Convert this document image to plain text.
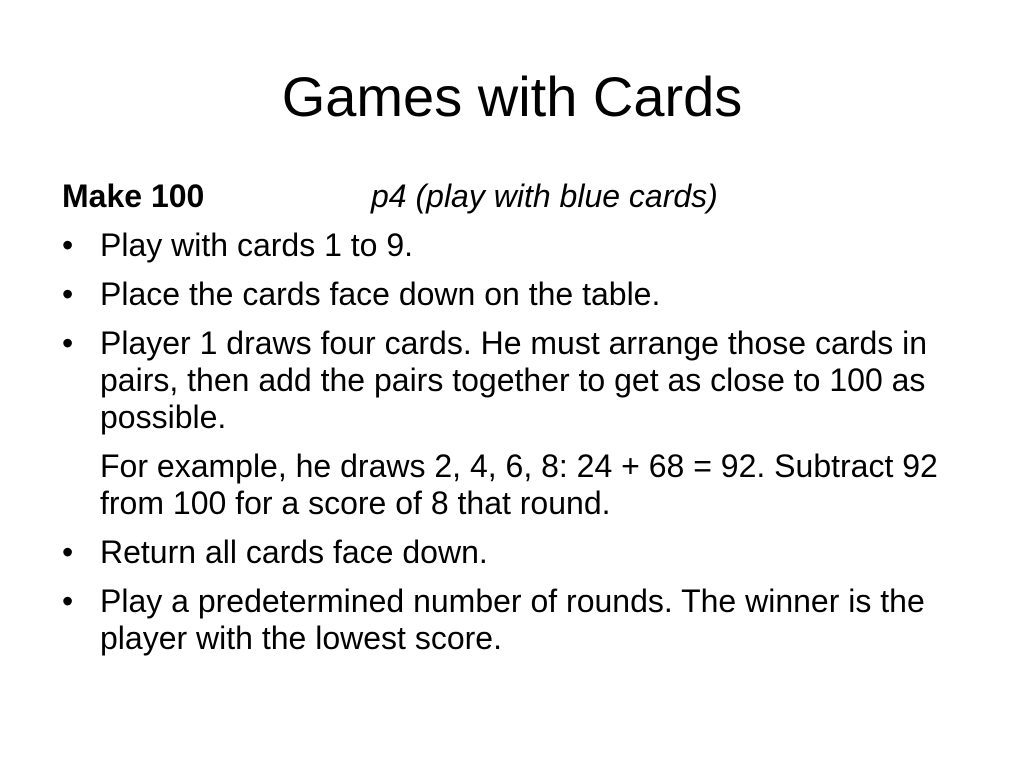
Games with Cards
Make 100	p4 (play with blue cards)
• Play with cards 1 to 9.
• Place the cards face down on the table.
• Player 1 draws four cards. He must arrange those cards in pairs, then add the pairs together to get as close to 100 as possible.
For example, he draws 2, 4, 6, 8: 24 + 68 = 92. Subtract 92 from 100 for a score of 8 that round.
• Return all cards face down.
• Play a predetermined number of rounds. The winner is the player with the lowest score.
